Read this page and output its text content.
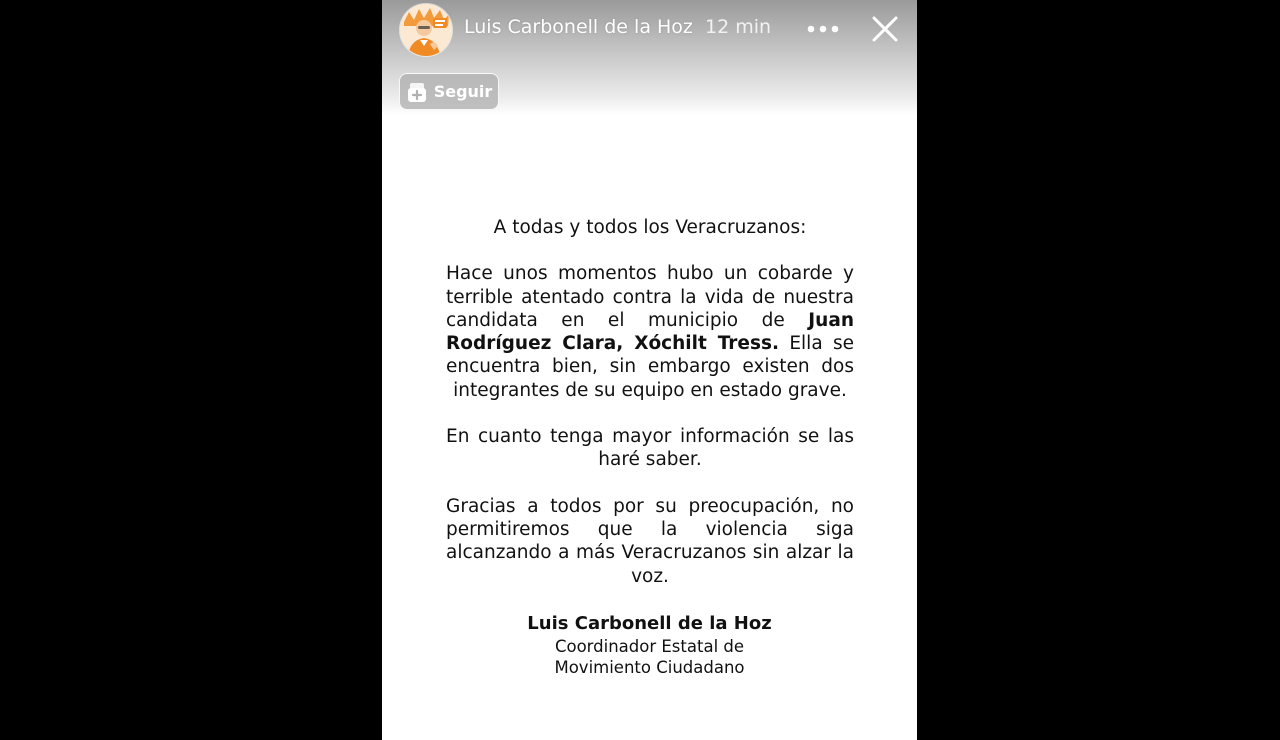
Luis Carbonell de la Hoz 12 min
Seguir

A todas y todos los Veracruzanos:

Hace unos momentos hubo un cobarde y terrible atentado contra la vida de nuestra candidata en el municipio de Juan Rodríguez Clara, Xóchilt Tress. Ella se encuentra bien, sin embargo existen dos integrantes de su equipo en estado grave.

En cuanto tenga mayor información se las haré saber.

Gracias a todos por su preocupación, no permitiremos que la violencia siga alcanzando a más Veracruzanos sin alzar la voz.

Luis Carbonell de la Hoz
Coordinador Estatal de
Movimiento Ciudadano
